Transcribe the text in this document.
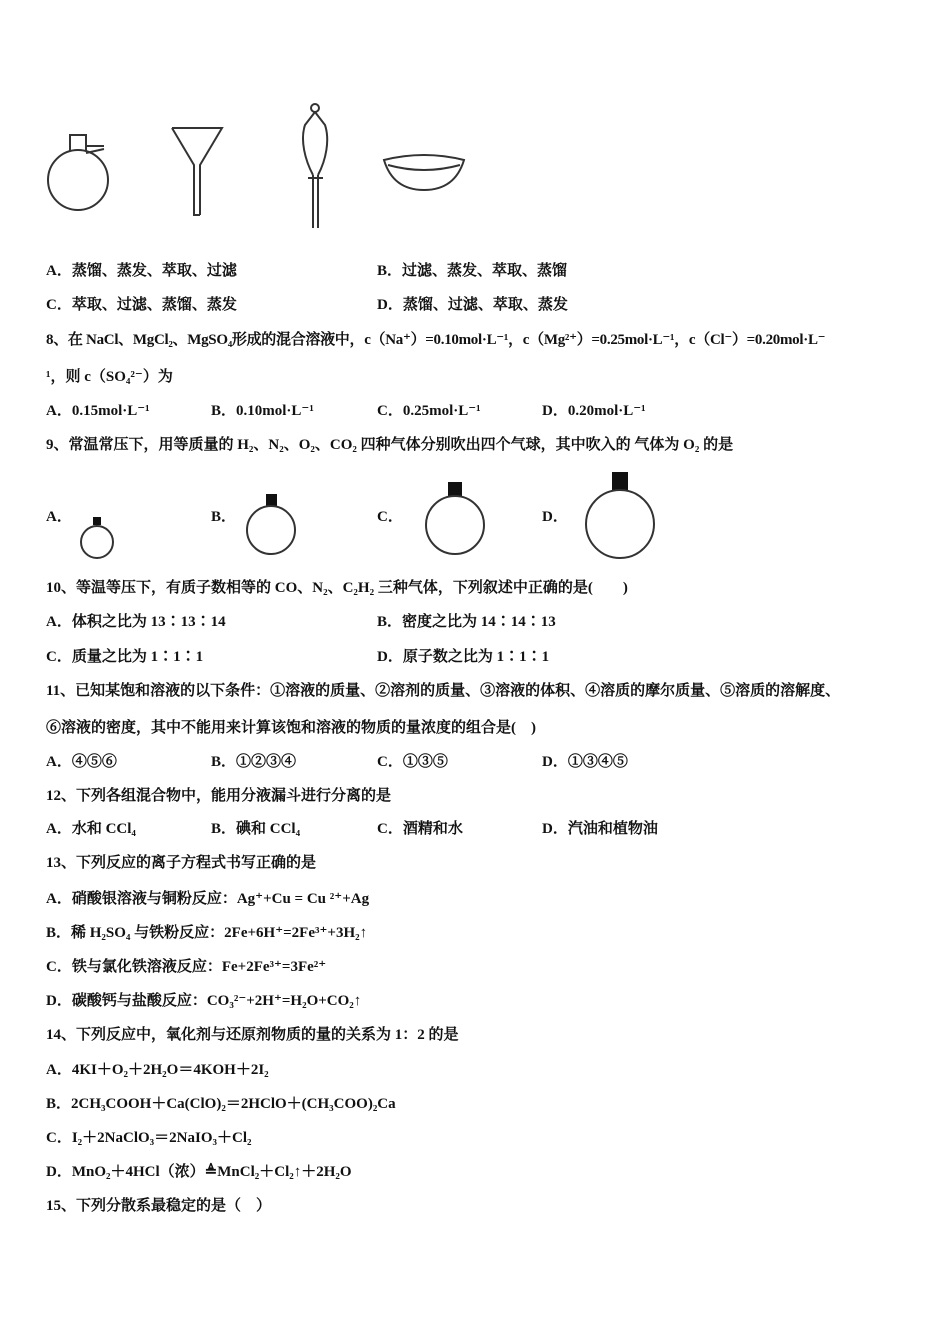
A．蒸馏、蒸发、萃取、过滤	B．过滤、蒸发、萃取、蒸馏
C．萃取、过滤、蒸馏、蒸发	D．蒸馏、过滤、萃取、蒸发
8、在 NaCl、MgCl₂、MgSO₄形成的混合溶液中，c（Na⁺）=0.10mol·L⁻¹，c（Mg²⁺）=0.25mol·L⁻¹，c（Cl⁻）=0.20mol·L⁻
¹，则 c（SO₄²⁻）为
A．0.15mol·L⁻¹	B．0.10mol·L⁻¹	C．0.25mol·L⁻¹	D．0.20mol·L⁻¹
9、常温常压下，用等质量的 H₂、N₂、O₂、CO₂ 四种气体分别吹出四个气球，其中吹入的 气体为 O₂ 的是
A．	B．	C．	D．
10、等温等压下，有质子数相等的 CO、N₂、C₂H₂ 三种气体，下列叙述中正确的是(　　)
A．体积之比为 13∶13∶14	B．密度之比为 14∶14∶13
C．质量之比为 1∶1∶1	D．原子数之比为 1∶1∶1
11、已知某饱和溶液的以下条件：①溶液的质量、②溶剂的质量、③溶液的体积、④溶质的摩尔质量、⑤溶质的溶解度、
⑥溶液的密度，其中不能用来计算该饱和溶液的物质的量浓度的组合是(　)
A．④⑤⑥	B．①②③④	C．①③⑤	D．①③④⑤
12、下列各组混合物中，能用分液漏斗进行分离的是
A．水和 CCl₄	B．碘和 CCl₄	C．酒精和水	D．汽油和植物油
13、下列反应的离子方程式书写正确的是
A．硝酸银溶液与铜粉反应：Ag⁺+Cu = Cu ²⁺+Ag
B．稀 H₂SO₄ 与铁粉反应：2Fe+6H⁺=2Fe³⁺+3H₂↑
C．铁与氯化铁溶液反应：Fe+2Fe³⁺=3Fe²⁺
D．碳酸钙与盐酸反应：CO₃²⁻+2H⁺=H₂O+CO₂↑
14、下列反应中，氧化剂与还原剂物质的量的关系为 1：2 的是
A．4KI＋O₂＋2H₂O＝4KOH＋2I₂
B．2CH₃COOH＋Ca(ClO)₂＝2HClO＋(CH₃COO)₂Ca
C．I₂＋2NaClO₃＝2NaIO₃＋Cl₂
D．MnO₂＋4HCl（浓）≜MnCl₂＋Cl₂↑＋2H₂O
15、下列分散系最稳定的是（　）
